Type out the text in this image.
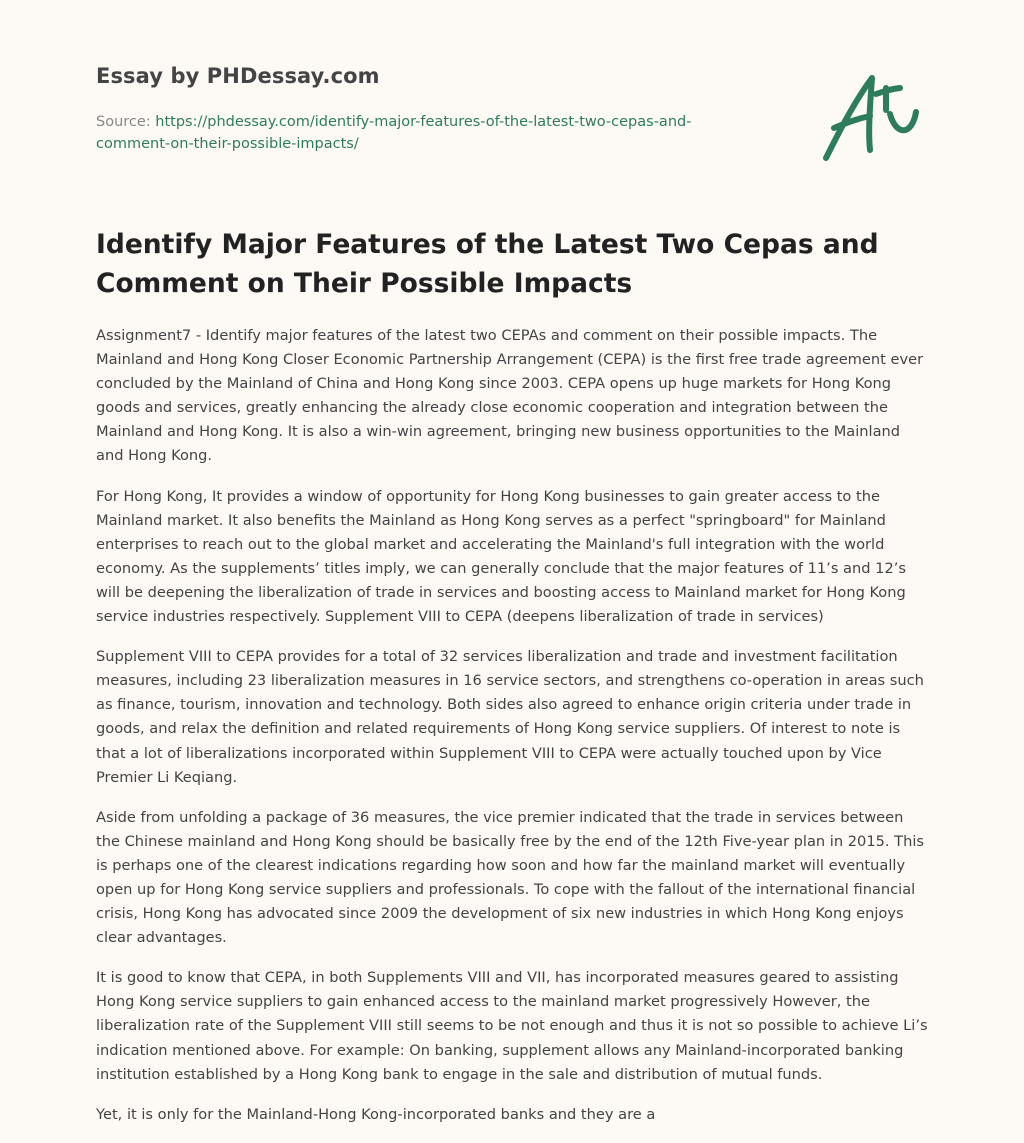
Essay by PHDessay.com
Source: https://phdessay.com/identify-major-features-of-the-latest-two-cepas-and-comment-on-their-possible-impacts/
Identify Major Features of the Latest Two Cepas and Comment on Their Possible Impacts

Assignment7 - Identify major features of the latest two CEPAs and comment on their possible impacts. The Mainland and Hong Kong Closer Economic Partnership Arrangement (CEPA) is the first free trade agreement ever concluded by the Mainland of China and Hong Kong since 2003. CEPA opens up huge markets for Hong Kong goods and services, greatly enhancing the already close economic cooperation and integration between the Mainland and Hong Kong. It is also a win-win agreement, bringing new business opportunities to the Mainland and Hong Kong.

For Hong Kong, It provides a window of opportunity for Hong Kong businesses to gain greater access to the Mainland market. It also benefits the Mainland as Hong Kong serves as a perfect "springboard" for Mainland enterprises to reach out to the global market and accelerating the Mainland's full integration with the world economy. As the supplements’ titles imply, we can generally conclude that the major features of 11’s and 12’s will be deepening the liberalization of trade in services and boosting access to Mainland market for Hong Kong service industries respectively. Supplement VIII to CEPA (deepens liberalization of trade in services)

Supplement VIII to CEPA provides for a total of 32 services liberalization and trade and investment facilitation measures, including 23 liberalization measures in 16 service sectors, and strengthens co-operation in areas such as finance, tourism, innovation and technology. Both sides also agreed to enhance origin criteria under trade in goods, and relax the definition and related requirements of Hong Kong service suppliers. Of interest to note is that a lot of liberalizations incorporated within Supplement VIII to CEPA were actually touched upon by Vice Premier Li Keqiang.

Aside from unfolding a package of 36 measures, the vice premier indicated that the trade in services between the Chinese mainland and Hong Kong should be basically free by the end of the 12th Five-year plan in 2015. This is perhaps one of the clearest indications regarding how soon and how far the mainland market will eventually open up for Hong Kong service suppliers and professionals. To cope with the fallout of the international financial crisis, Hong Kong has advocated since 2009 the development of six new industries in which Hong Kong enjoys clear advantages.

It is good to know that CEPA, in both Supplements VIII and VII, has incorporated measures geared to assisting Hong Kong service suppliers to gain enhanced access to the mainland market progressively However, the liberalization rate of the Supplement VIII still seems to be not enough and thus it is not so possible to achieve Li’s indication mentioned above. For example: On banking, supplement allows any Mainland-incorporated banking institution established by a Hong Kong bank to engage in the sale and distribution of mutual funds.

Yet, it is only for the Mainland-Hong Kong-incorporated banks and they are a
